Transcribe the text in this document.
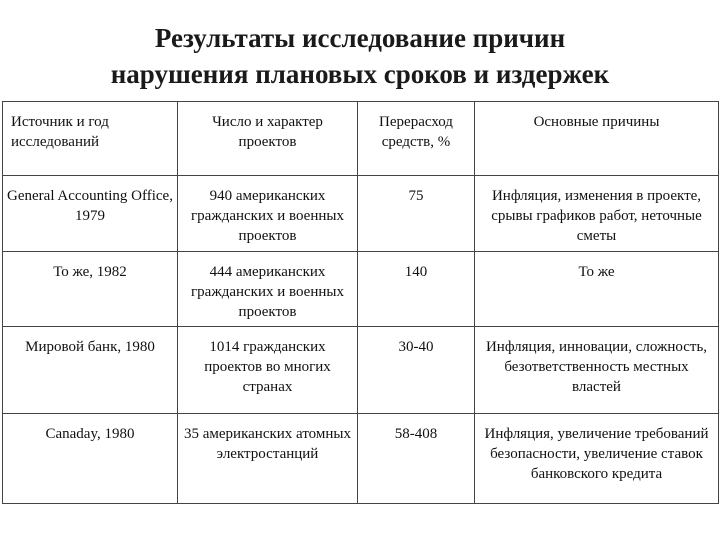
Результаты исследование причин
нарушения плановых сроков и издержек
Источник и год исследований	Число и характер проектов	Перерасход средств, %	Основные причины
General Accounting Office, 1979	940 американских гражданских и военных проектов	75	Инфляция, изменения в проекте, срывы графиков работ, неточные сметы
То же, 1982	444 американских гражданских и военных проектов	140	То же
Мировой банк, 1980	1014 гражданских проектов во многих странах	30-40	Инфляция, инновации, сложность, безответственность местных властей
Canaday, 1980	35 американских атомных электростанций	58-408	Инфляция, увеличение требований безопасности, увеличение ставок банковского кредита
